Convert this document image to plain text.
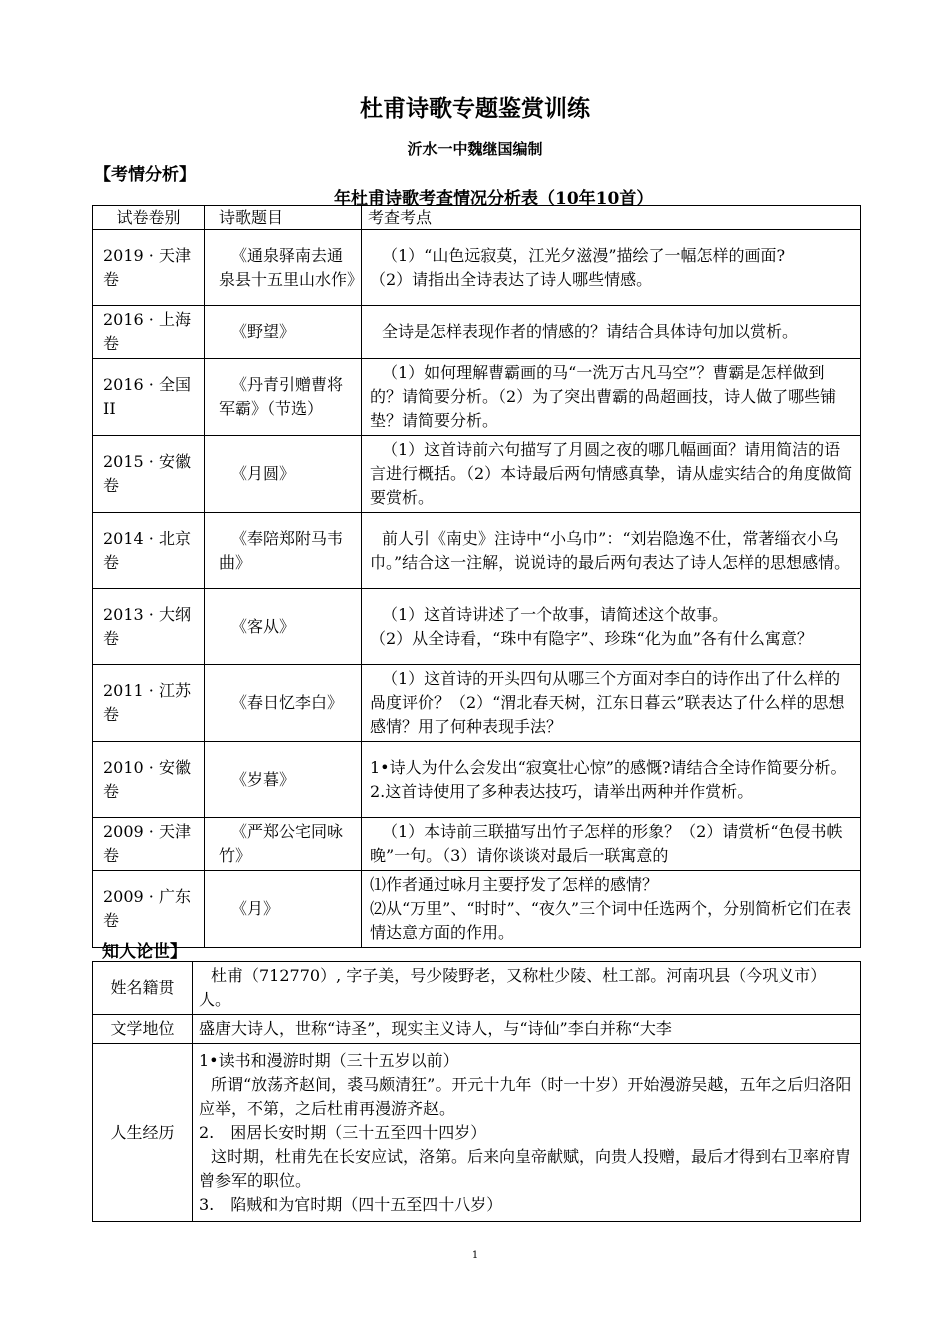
杜甫诗歌专题鉴赏训练
沂水一中魏继国编制
【考情分析】
年杜甫诗歌考查情况分析表（10年10首）
试卷卷别	诗歌题目	考查考点
2019 · 天津卷	《通泉驿南去通泉县十五里山水作》	（1）“山色远寂莫，江光夕滋漫”描绘了一幅怎样的画面?
（2）请指出全诗表达了诗人哪些情感。
2016 · 上海卷	《野望》	全诗是怎样表现作者的情感的？请结合具体诗句加以赏析。
2016 · 全国 II	《丹青引赠曹将军霸》（节选）	（1）如何理解曹霸画的马“一洗万古凡马空”？曹霸是怎样做到的？请简要分析。（2）为了突出曹霸的咼超画技，诗人做了哪些铺垫？请简要分析。
2015 · 安徽卷	《月圆》	（1）这首诗前六句描写了月圆之夜的哪几幅画面？请用简洁的语言进行概括。（2）本诗最后两句情感真挚，请从虚实结合的角度做简要赏析。
2014 · 北京卷	《奉陪郑附马韦曲》	前人引《南史》注诗中“小乌巾”：“刘岩隐逸不仕，常著缁衣小乌巾。”结合这一注解，说说诗的最后两句表达了诗人怎样的思想感情。
2013 · 大纲卷	《客从》	（1）这首诗讲述了一个故事，请简述这个故事。
（2）从全诗看，“珠中有隐字”、珍珠“化为血”各有什么寓意？
2011 · 江苏卷	《春日忆李白》	（1）这首诗的开头四句从哪三个方面对李白的诗作出了什么样的咼度评价？（2）“渭北春天树，江东日暮云”联表达了什么样的思想感情？用了何种表现手法？
2010 · 安徽卷	《岁暮》	1•诗人为什么会发出“寂寞壮心惊”的感慨?请结合全诗作简要分析。
2.这首诗使用了多种表达技巧，请举出两种并作赏析。
2009 · 天津卷	《严郑公宅同咏竹》	（1）本诗前三联描写出竹子怎样的形象？（2）请赏析“色侵书帙晚”一句。（3）请你谈谈对最后一联寓意的
2009 · 广东卷	《月》	⑴作者通过咏月主要抒发了怎样的感情？
⑵从“万里”、“时时”、“夜久”三个词中任选两个，分别简析它们在表情达意方面的作用。
知人论世】
姓名籍贯	杜甫（712770）, 字子美，号少陵野老，又称杜少陵、杜工部。河南巩县（今巩义市）人。
文学地位	盛唐大诗人，世称“诗圣”，现实主义诗人，与“诗仙”李白并称“大李
人生经历	1•读书和漫游时期（三十五岁以前）
所谓“放荡齐赵间，裘马颇清狂”。开元十九年（时一十岁）开始漫游吴越，五年之后归洛阳应举，不第，之后杜甫再漫游齐赵。
2.　困居长安时期（三十五至四十四岁）
这时期，杜甫先在长安应试，洛第。后来向皇帝献赋，向贵人投赠，最后才得到右卫率府胄曾参军的职位。
3.　陷贼和为官时期（四十五至四十八岁）
1
